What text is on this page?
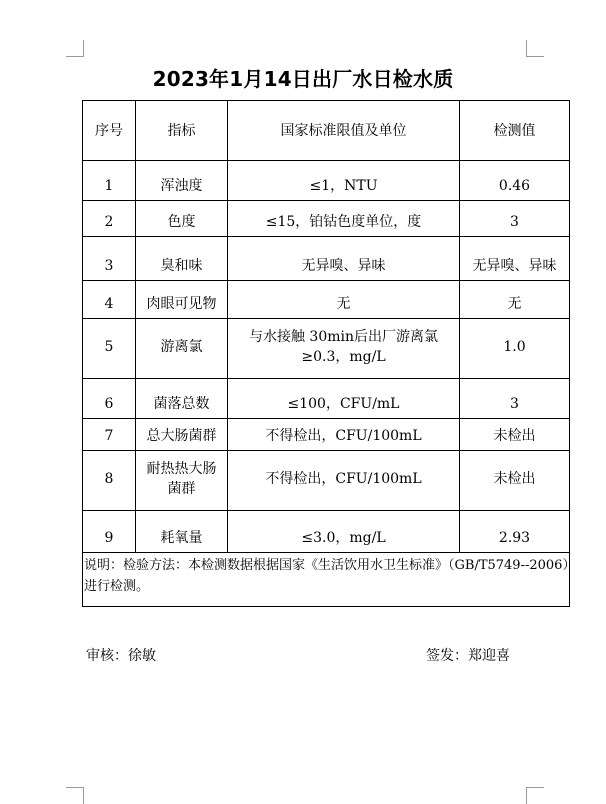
2023年1月14日出厂水日检水质
序号	指标	国家标准限值及单位	检测值
1	浑浊度	≤1，NTU	0.46
2	色度	≤15，铂钴色度单位，度	3
3	臭和味	无异嗅、异味	无异嗅、异味
4	肉眼可见物	无	无
5	游离氯	与水接触 30min后出厂游离氯≥0.3，mg/L	1.0
6	菌落总数	≤100，CFU/mL	3
7	总大肠菌群	不得检出，CFU/100mL	未检出
8	耐热热大肠菌群	不得检出，CFU/100mL	未检出
9	耗氧量	≤3.0，mg/L	2.93
说明：检验方法：本检测数据根据国家《生活饮用水卫生标准》（GB/T5749--2006）进行检测。			
审核：徐敏	签发：郑迎喜
